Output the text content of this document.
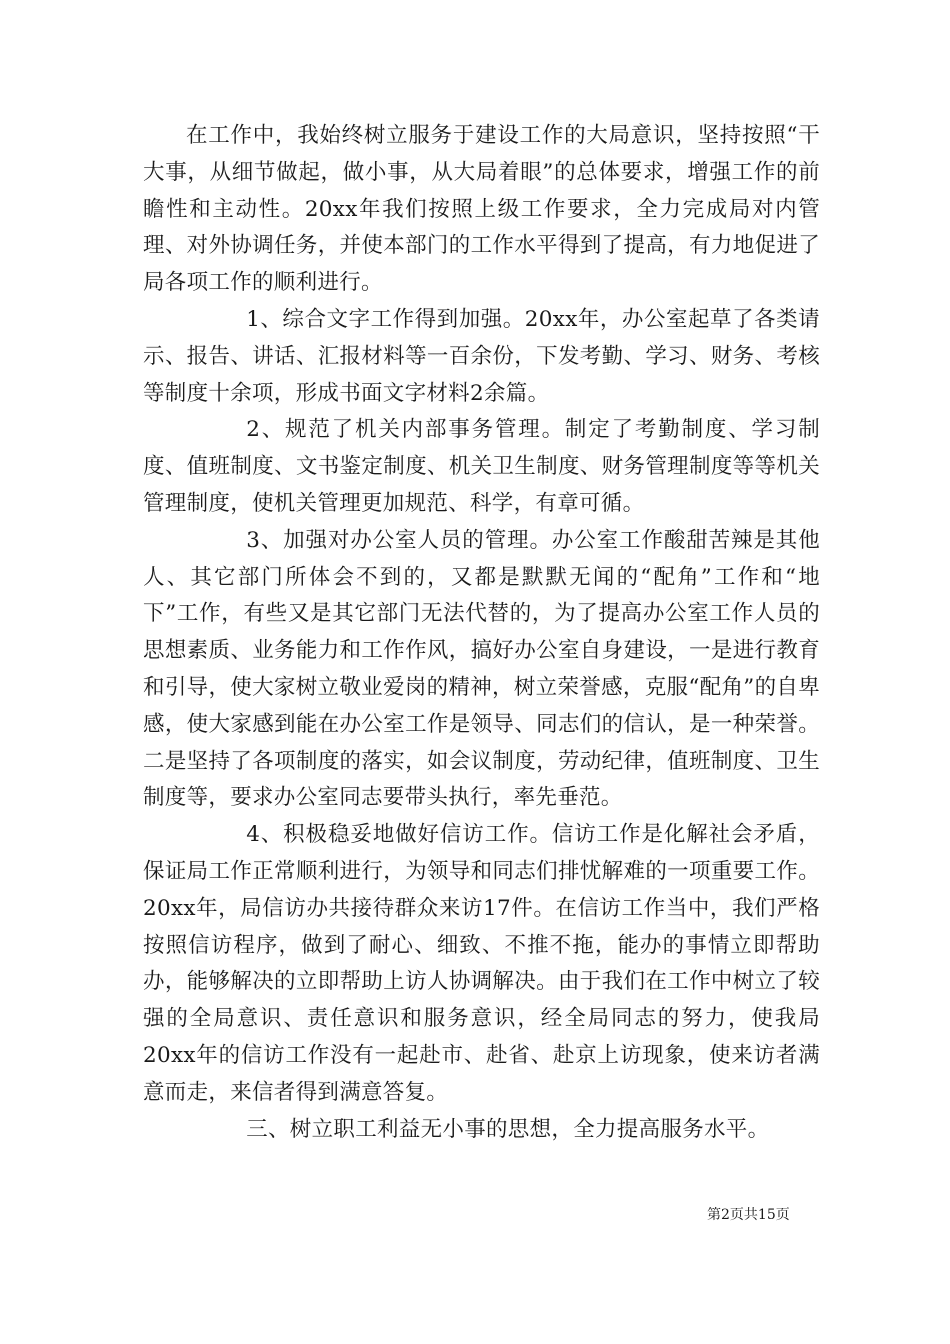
在工作中，我始终树立服务于建设工作的大局意识，坚持按照“干大事，从细节做起，做小事，从大局着眼”的总体要求，增强工作的前瞻性和主动性。20xx年我们按照上级工作要求，全力完成局对内管理、对外协调任务，并使本部门的工作水平得到了提高，有力地促进了局各项工作的顺利进行。

1、综合文字工作得到加强。20xx年，办公室起草了各类请示、报告、讲话、汇报材料等一百余份，下发考勤、学习、财务、考核等制度十余项，形成书面文字材料2余篇。

2、规范了机关内部事务管理。制定了考勤制度、学习制度、值班制度、文书鉴定制度、机关卫生制度、财务管理制度等等机关管理制度，使机关管理更加规范、科学，有章可循。

3、加强对办公室人员的管理。办公室工作酸甜苦辣是其他人、其它部门所体会不到的，又都是默默无闻的“配角”工作和“地下”工作，有些又是其它部门无法代替的，为了提高办公室工作人员的思想素质、业务能力和工作作风，搞好办公室自身建设，一是进行教育和引导，使大家树立敬业爱岗的精神，树立荣誉感，克服“配角”的自卑感，使大家感到能在办公室工作是领导、同志们的信认，是一种荣誉。二是坚持了各项制度的落实，如会议制度，劳动纪律，值班制度、卫生制度等，要求办公室同志要带头执行，率先垂范。

4、积极稳妥地做好信访工作。信访工作是化解社会矛盾，保证局工作正常顺利进行，为领导和同志们排忧解难的一项重要工作。20xx年，局信访办共接待群众来访17件。在信访工作当中，我们严格按照信访程序，做到了耐心、细致、不推不拖，能办的事情立即帮助办，能够解决的立即帮助上访人协调解决。由于我们在工作中树立了较强的全局意识、责任意识和服务意识，经全局同志的努力，使我局20xx年的信访工作没有一起赴市、赴省、赴京上访现象，使来访者满意而走，来信者得到满意答复。

三、树立职工利益无小事的思想，全力提高服务水平。

第2页共15页
